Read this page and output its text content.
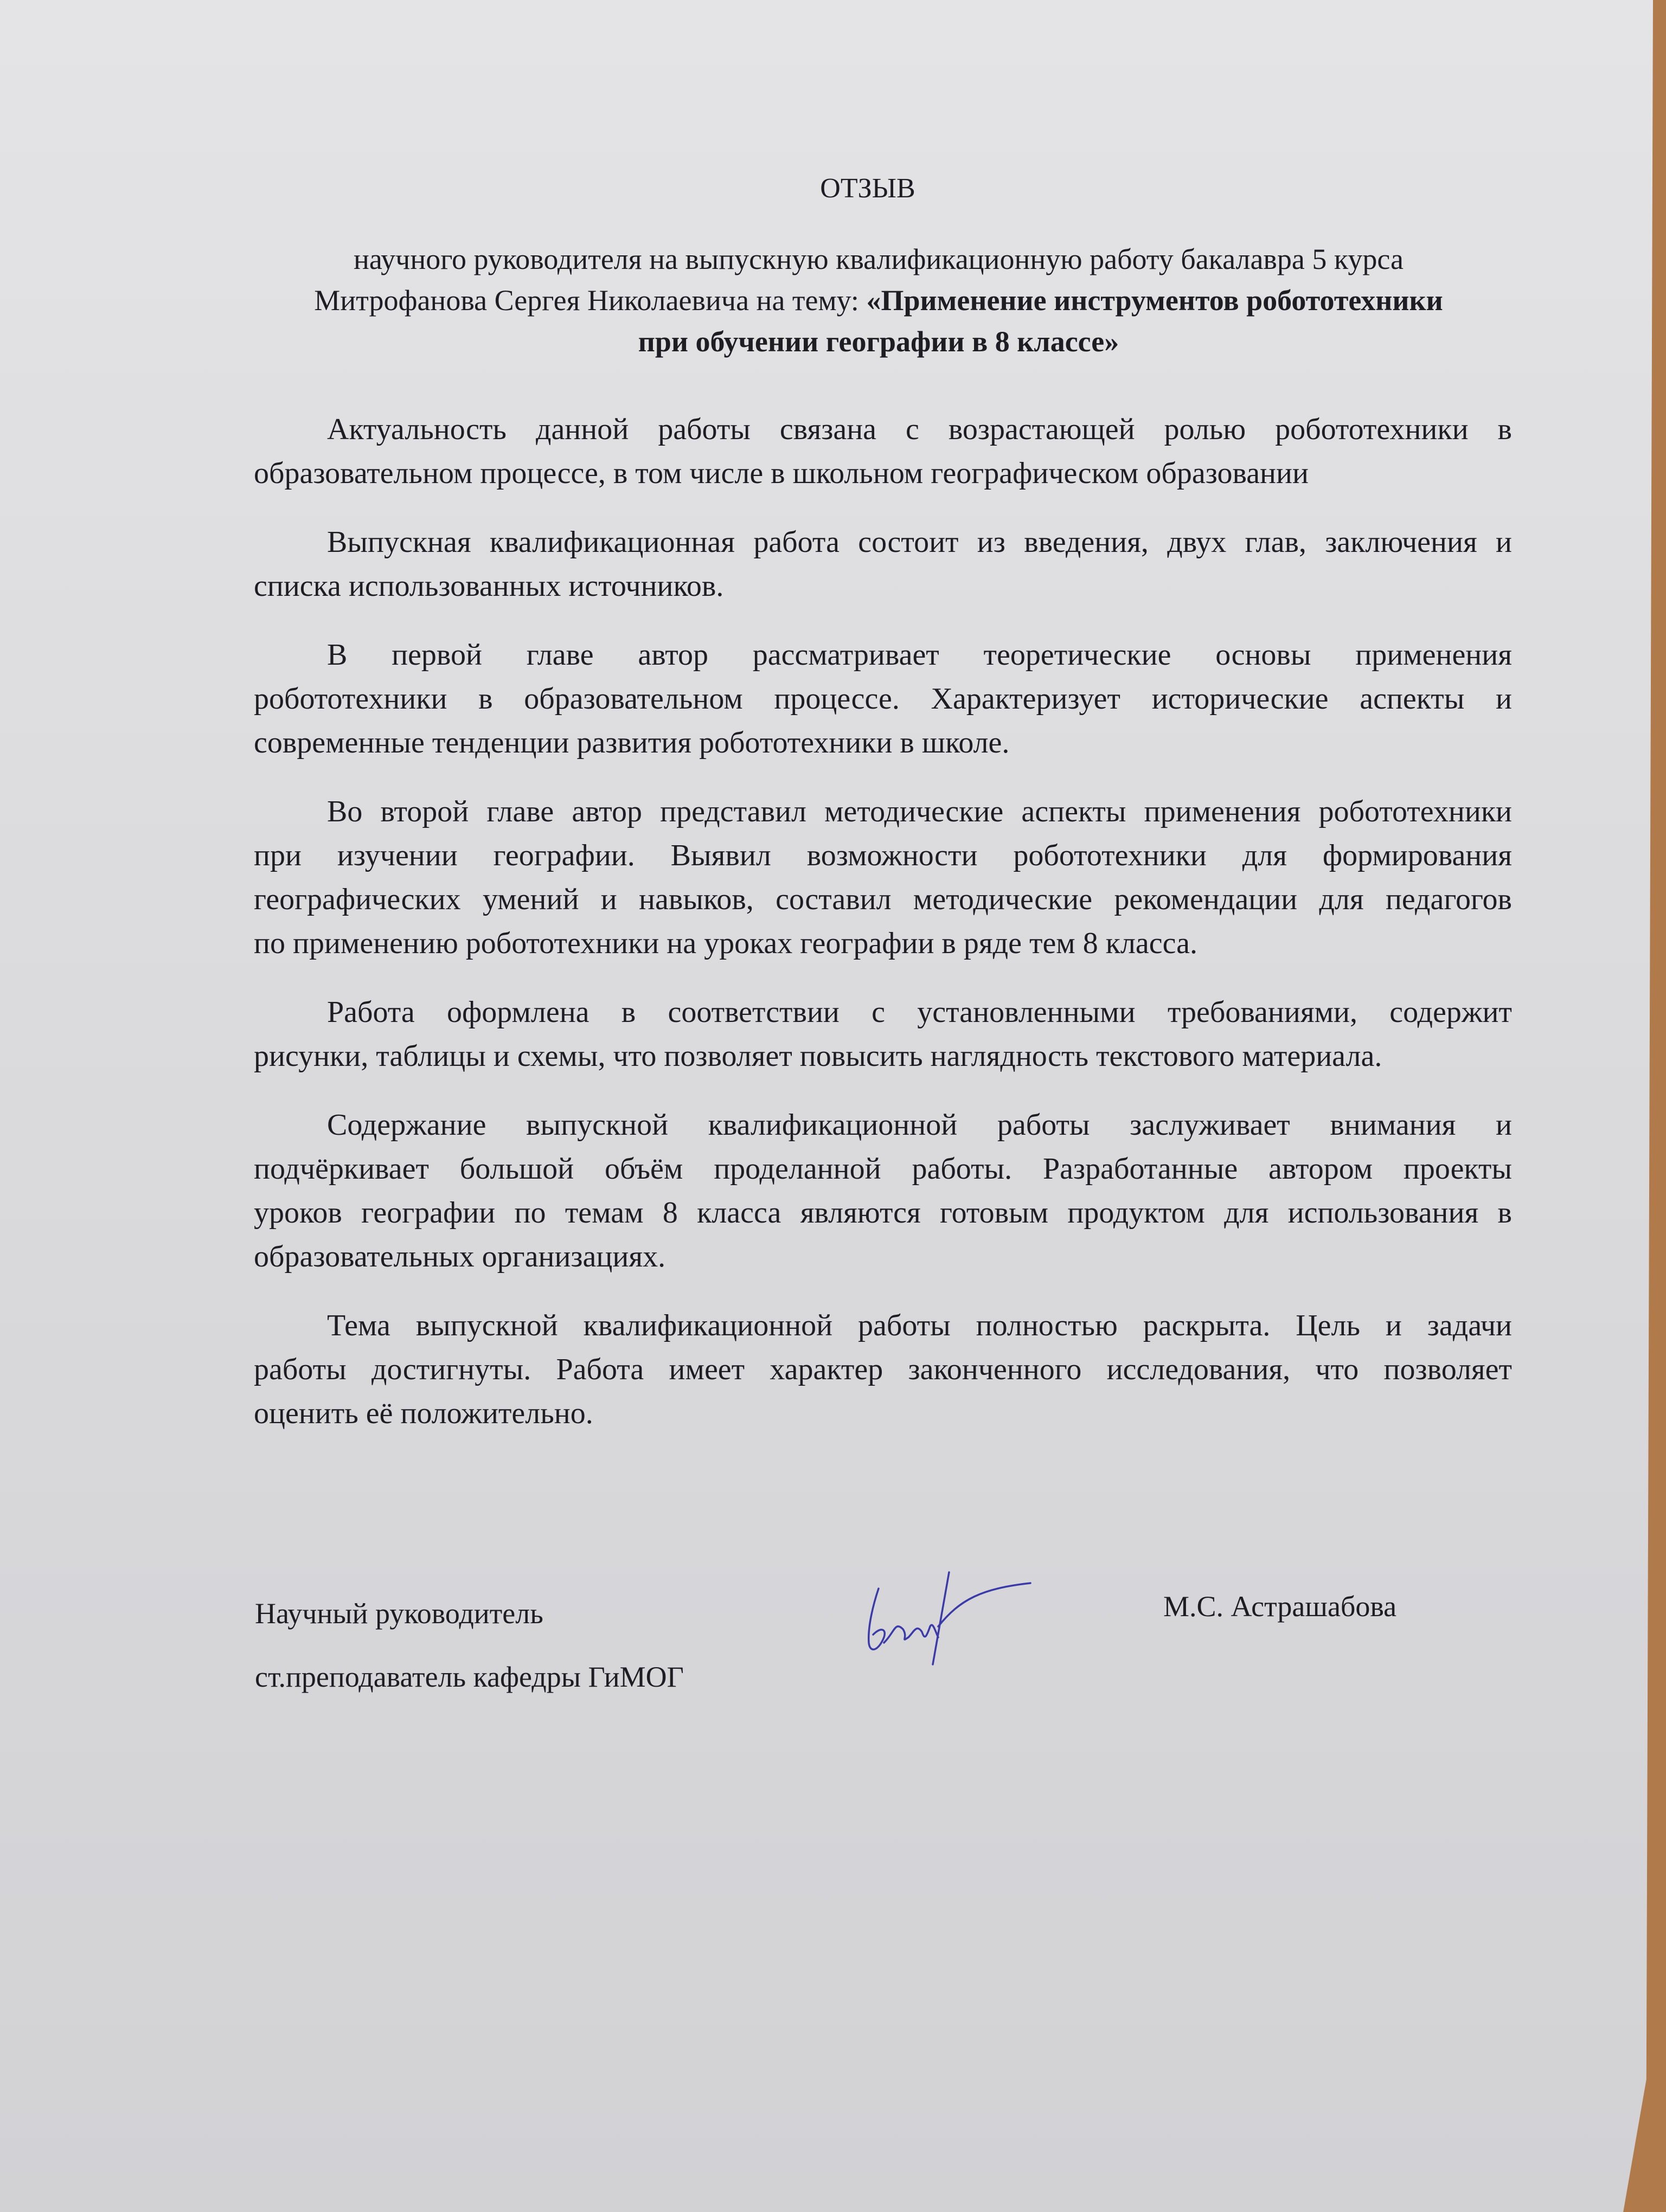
ОТЗЫВ
научного руководителя на выпускную квалификационную работу бакалавра 5 курса
Митрофанова Сергея Николаевича на тему: «Применение инструментов робототехники
при обучении географии в 8 классе»
Актуальность данной работы связана с возрастающей ролью робототехники в
образовательном процессе, в том числе в школьном географическом образовании
Выпускная квалификационная работа состоит из введения, двух глав, заключения и
списка использованных источников.
В первой главе автор рассматривает теоретические основы применения
робототехники в образовательном процессе. Характеризует исторические аспекты и
современные тенденции развития робототехники в школе.
Во второй главе автор представил методические аспекты применения робототехники
при изучении географии. Выявил возможности робототехники для формирования
географических умений и навыков, составил методические рекомендации для педагогов
по применению робототехники на уроках географии в ряде тем 8 класса.
Работа оформлена в соответствии с установленными требованиями, содержит
рисунки, таблицы и схемы, что позволяет повысить наглядность текстового материала.
Содержание выпускной квалификационной работы заслуживает внимания и
подчёркивает большой объём проделанной работы. Разработанные автором проекты
уроков географии по темам 8 класса являются готовым продуктом для использования в
образовательных организациях.
Тема выпускной квалификационной работы полностью раскрыта. Цель и задачи
работы достигнуты. Работа имеет характер законченного исследования, что позволяет
оценить её положительно.
Научный руководитель
ст.преподаватель кафедры ГиМОГ
М.С. Астрашабова
